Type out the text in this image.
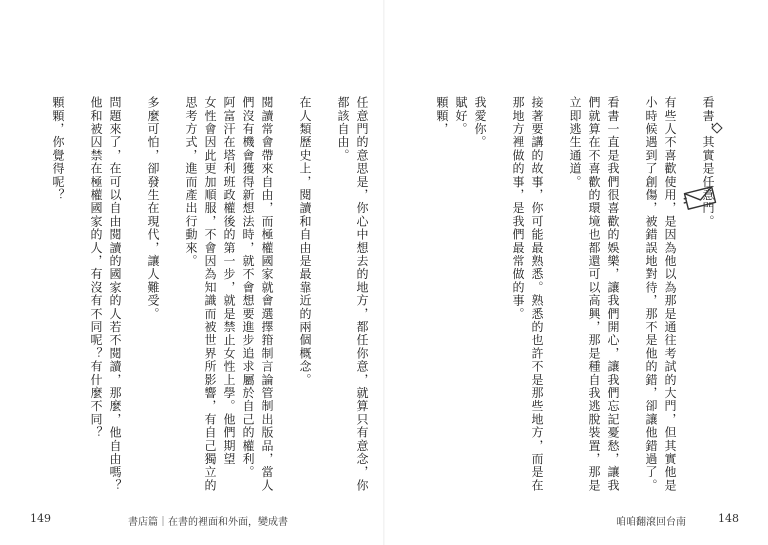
任意門的意思是，你心中想去的地方，都任你意，就算只有意念，你
都該自由。
在人類歷史上，閱讀和自由是最靠近的兩個概念。
閱讀常會帶來自由，而極權國家就會選擇箝制言論管制出版品，當人
們沒有機會獲得新想法時，就不會想要進步追求屬於自己的權利。
阿富汗在塔利班政權後的第一步，就是禁止女性上學。他們期望
女性會因此更加順服，不會因為知識而被世界所影響，有自己獨立的
思考方式，進而產出行動來。
多麼可怕，卻發生在現代，讓人難受。
問題來了，在可以自由閱讀的國家的人若不閱讀，那麼，他自由嗎？
他和被囚禁在極權國家的人，有沒有不同呢？有什麼不同？
顆顆，你覺得呢？	看書，其實是任意門。
有些人不喜歡使用，是因為他以為那是通往考試的大門，但其實他是
小時候遇到了創傷，被錯誤地對待，那不是他的錯，卻讓他錯過了。
看書一直是我們很喜歡的娛樂，讓我們開心，讓我們忘記憂愁，讓我
們就算在不喜歡的環境也都還可以高興，那是種自我逃脫裝置，那是
立即逃生通道。
接著要講的故事，你可能最熟悉。熟悉的也許不是那些地方，而是在
那地方裡做的事，是我們最常做的事。
我愛你。
賦好。
顆顆，
149	書店篇｜在書的裡面和外面，變成書	咱咱翻滾回台南	148
